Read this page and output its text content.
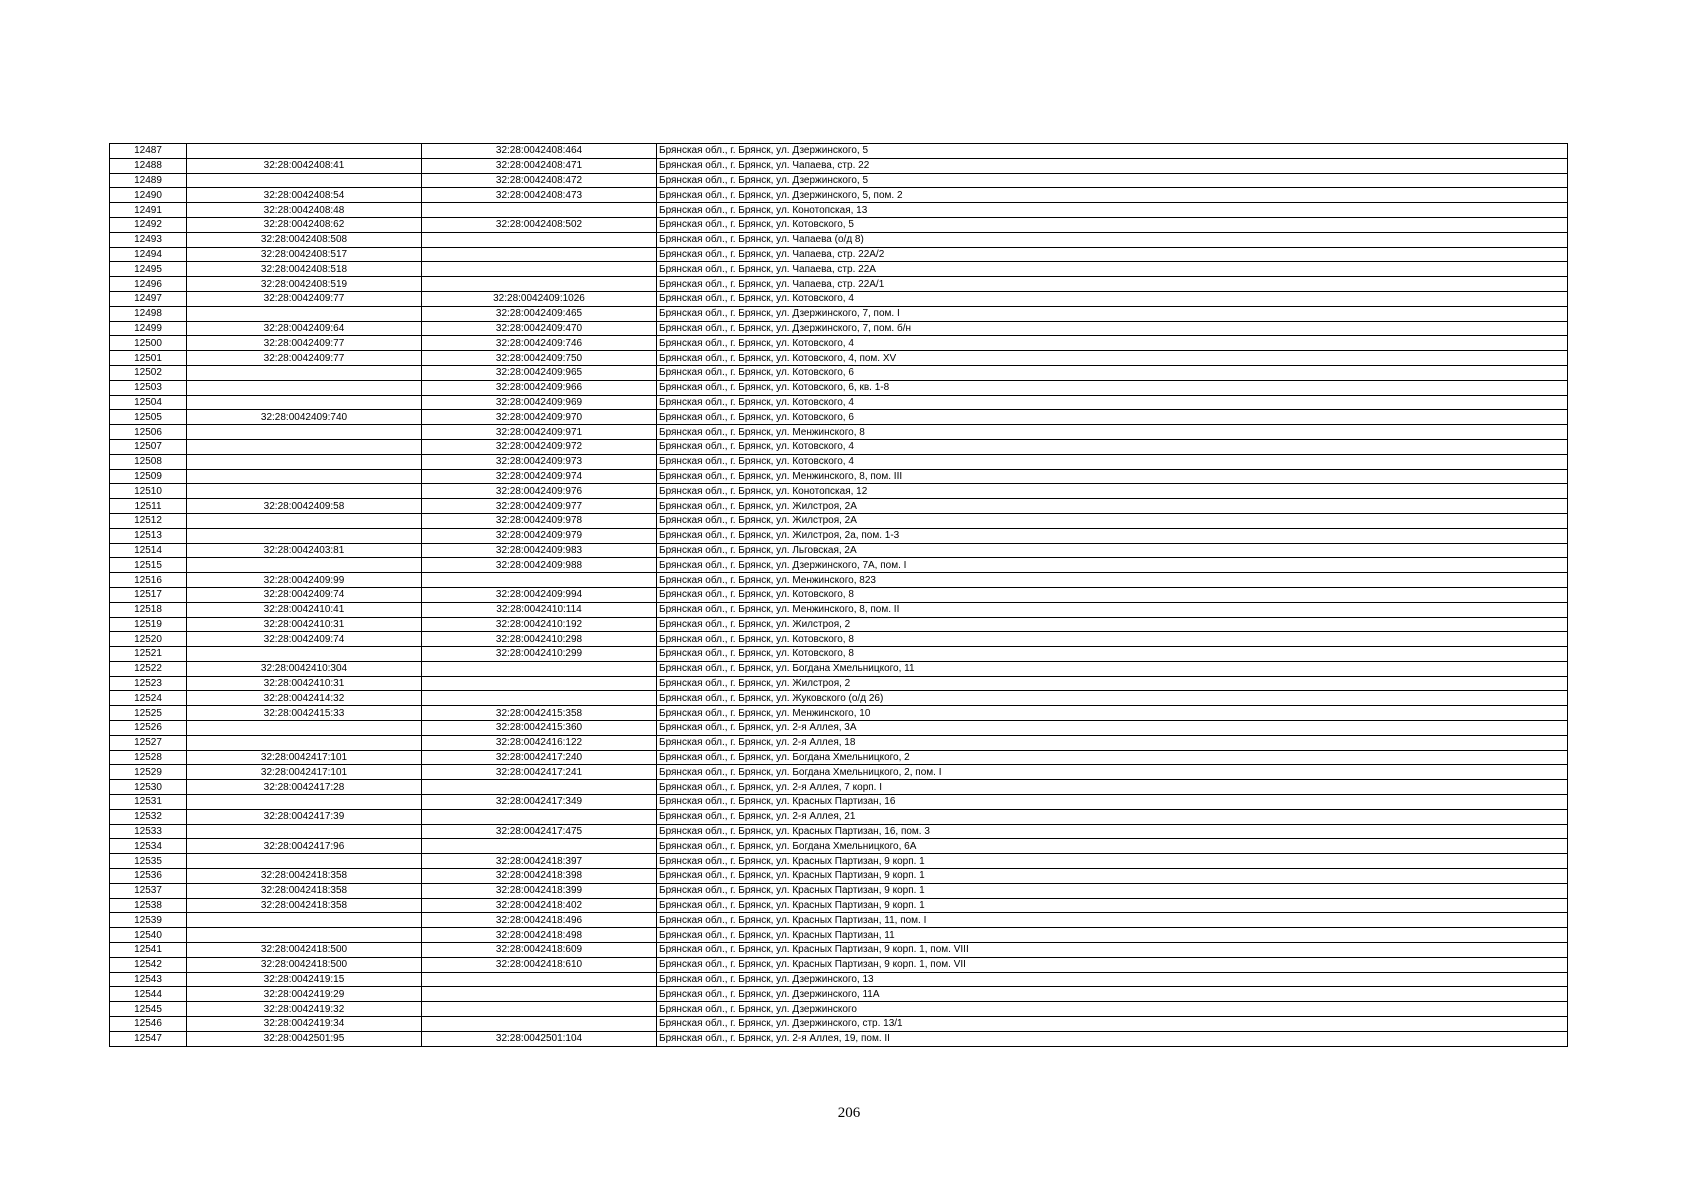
12487		32:28:0042408:464	Брянская обл., г. Брянск, ул. Дзержинского, 5
12488	32:28:0042408:41	32:28:0042408:471	Брянская обл., г. Брянск, ул. Чапаева, стр. 22
12489		32:28:0042408:472	Брянская обл., г. Брянск, ул. Дзержинского, 5
12490	32:28:0042408:54	32:28:0042408:473	Брянская обл., г. Брянск, ул. Дзержинского, 5, пом. 2
12491	32:28:0042408:48		Брянская обл., г. Брянск, ул. Конотопская, 13
12492	32:28:0042408:62	32:28:0042408:502	Брянская обл., г. Брянск, ул. Котовского, 5
12493	32:28:0042408:508		Брянская обл., г. Брянск, ул. Чапаева (о/д 8)
12494	32:28:0042408:517		Брянская обл., г. Брянск, ул. Чапаева, стр. 22А/2
12495	32:28:0042408:518		Брянская обл., г. Брянск, ул. Чапаева, стр. 22А
12496	32:28:0042408:519		Брянская обл., г. Брянск, ул. Чапаева, стр. 22А/1
12497	32:28:0042409:77	32:28:0042409:1026	Брянская обл., г. Брянск, ул. Котовского, 4
12498		32:28:0042409:465	Брянская обл., г. Брянск, ул. Дзержинского, 7, пом. I
12499	32:28:0042409:64	32:28:0042409:470	Брянская обл., г. Брянск, ул. Дзержинского, 7, пом. б/н
12500	32:28:0042409:77	32:28:0042409:746	Брянская обл., г. Брянск, ул. Котовского, 4
12501	32:28:0042409:77	32:28:0042409:750	Брянская обл., г. Брянск, ул. Котовского, 4, пом. XV
12502		32:28:0042409:965	Брянская обл., г. Брянск, ул. Котовского, 6
12503		32:28:0042409:966	Брянская обл., г. Брянск, ул. Котовского, 6, кв. 1-8
12504		32:28:0042409:969	Брянская обл., г. Брянск, ул. Котовского, 4
12505	32:28:0042409:740	32:28:0042409:970	Брянская обл., г. Брянск, ул. Котовского, 6
12506		32:28:0042409:971	Брянская обл., г. Брянск, ул. Менжинского, 8
12507		32:28:0042409:972	Брянская обл., г. Брянск, ул. Котовского, 4
12508		32:28:0042409:973	Брянская обл., г. Брянск, ул. Котовского, 4
12509		32:28:0042409:974	Брянская обл., г. Брянск, ул. Менжинского, 8, пом. III
12510		32:28:0042409:976	Брянская обл., г. Брянск, ул. Конотопская, 12
12511	32:28:0042409:58	32:28:0042409:977	Брянская обл., г. Брянск, ул. Жилстроя, 2А
12512		32:28:0042409:978	Брянская обл., г. Брянск, ул. Жилстроя, 2А
12513		32:28:0042409:979	Брянская обл., г. Брянск, ул. Жилстроя, 2а, пом. 1-3
12514	32:28:0042403:81	32:28:0042409:983	Брянская обл., г. Брянск, ул. Льговская, 2А
12515		32:28:0042409:988	Брянская обл., г. Брянск, ул. Дзержинского, 7А, пом. I
12516	32:28:0042409:99		Брянская обл., г. Брянск, ул. Менжинского, 823
12517	32:28:0042409:74	32:28:0042409:994	Брянская обл., г. Брянск, ул. Котовского, 8
12518	32:28:0042410:41	32:28:0042410:114	Брянская обл., г. Брянск, ул. Менжинского, 8, пом. II
12519	32:28:0042410:31	32:28:0042410:192	Брянская обл., г. Брянск, ул. Жилстроя, 2
12520	32:28:0042409:74	32:28:0042410:298	Брянская обл., г. Брянск, ул. Котовского, 8
12521		32:28:0042410:299	Брянская обл., г. Брянск, ул. Котовского, 8
12522	32:28:0042410:304		Брянская обл., г. Брянск, ул. Богдана Хмельницкого, 11
12523	32:28:0042410:31		Брянская обл., г. Брянск, ул. Жилстроя, 2
12524	32:28:0042414:32		Брянская обл., г. Брянск, ул. Жуковского (о/д 26)
12525	32:28:0042415:33	32:28:0042415:358	Брянская обл., г. Брянск, ул. Менжинского, 10
12526		32:28:0042415:360	Брянская обл., г. Брянск, ул. 2-я Аллея, 3А
12527		32:28:0042416:122	Брянская обл., г. Брянск, ул. 2-я Аллея, 18
12528	32:28:0042417:101	32:28:0042417:240	Брянская обл., г. Брянск, ул. Богдана Хмельницкого, 2
12529	32:28:0042417:101	32:28:0042417:241	Брянская обл., г. Брянск, ул. Богдана Хмельницкого, 2, пом. I
12530	32:28:0042417:28		Брянская обл., г. Брянск, ул. 2-я Аллея, 7 корп. I
12531		32:28:0042417:349	Брянская обл., г. Брянск, ул. Красных Партизан, 16
12532	32:28:0042417:39		Брянская обл., г. Брянск, ул. 2-я Аллея, 21
12533		32:28:0042417:475	Брянская обл., г. Брянск, ул. Красных Партизан, 16, пом. 3
12534	32:28:0042417:96		Брянская обл., г. Брянск, ул. Богдана Хмельницкого, 6А
12535		32:28:0042418:397	Брянская обл., г. Брянск, ул. Красных Партизан, 9 корп. 1
12536	32:28:0042418:358	32:28:0042418:398	Брянская обл., г. Брянск, ул. Красных Партизан, 9 корп. 1
12537	32:28:0042418:358	32:28:0042418:399	Брянская обл., г. Брянск, ул. Красных Партизан, 9 корп. 1
12538	32:28:0042418:358	32:28:0042418:402	Брянская обл., г. Брянск, ул. Красных Партизан, 9 корп. 1
12539		32:28:0042418:496	Брянская обл., г. Брянск, ул. Красных Партизан, 11, пом. I
12540		32:28:0042418:498	Брянская обл., г. Брянск, ул. Красных Партизан, 11
12541	32:28:0042418:500	32:28:0042418:609	Брянская обл., г. Брянск, ул. Красных Партизан, 9 корп. 1, пом. VIII
12542	32:28:0042418:500	32:28:0042418:610	Брянская обл., г. Брянск, ул. Красных Партизан, 9 корп. 1, пом. VII
12543	32:28:0042419:15		Брянская обл., г. Брянск, ул. Дзержинского, 13
12544	32:28:0042419:29		Брянская обл., г. Брянск, ул. Дзержинского, 11А
12545	32:28:0042419:32		Брянская обл., г. Брянск, ул. Дзержинского
12546	32:28:0042419:34		Брянская обл., г. Брянск, ул. Дзержинского, стр. 13/1
12547	32:28:0042501:95	32:28:0042501:104	Брянская обл., г. Брянск, ул. 2-я Аллея, 19, пом. II
206
